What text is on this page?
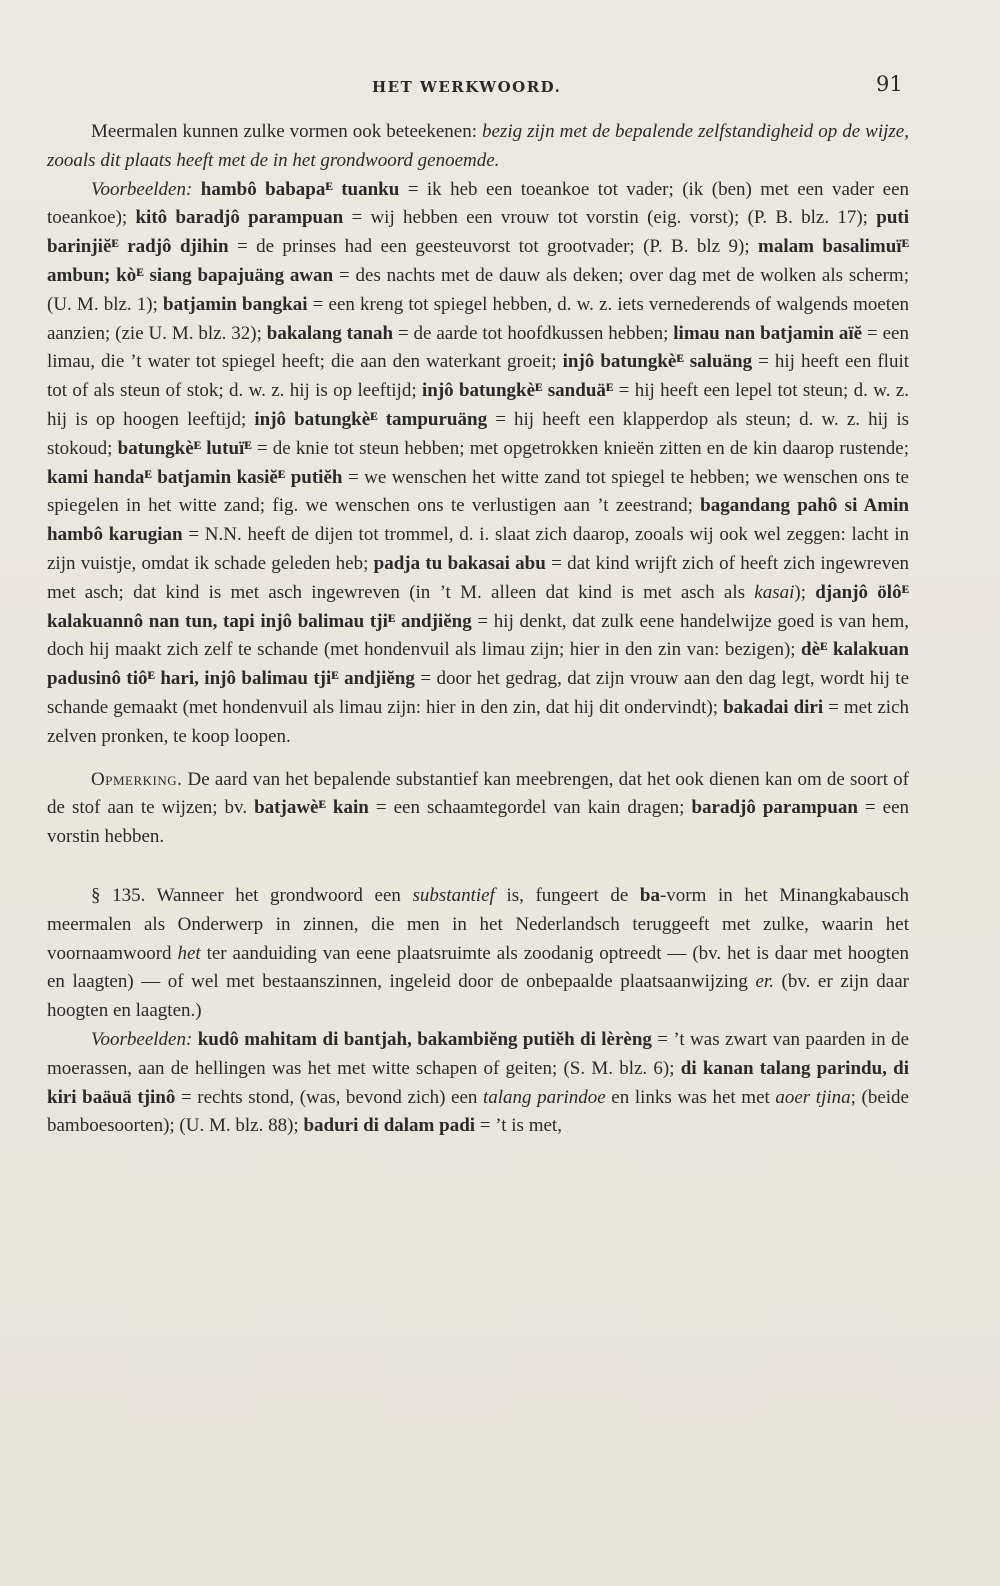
HET WERKWOORD.	91

Meermalen kunnen zulke vormen ook beteekenen: bezig zijn met de bepalende zelfstandigheid op de wijze, zooals dit plaats heeft met de in het grondwoord genoemde.

Voorbeelden: hambô babapaᴱ tuanku = ik heb een toeankoe tot vader; (ik (ben) met een vader een toeankoe); kitô baradjô parampuan = wij hebben een vrouw tot vorstin (eig. vorst); (P. B. blz. 17); puti barinjiĕᴱ radjô djihin = de prinses had een geesteuvorst tot grootvader; (P. B. blz 9); malam basalimuïᴱ ambun; kòᴱ siang bapajuäng awan = des nachts met de dauw als deken; over dag met de wolken als scherm; (U. M. blz. 1); batjamin bangkai = een kreng tot spiegel hebben, d. w. z. iets vernederends of walgends moeten aanzien; (zie U. M. blz. 32); bakalang tanah = de aarde tot hoofdkussen hebben; limau nan batjamin aïĕ = een limau, die ’t water tot spiegel heeft; die aan den waterkant groeit; injô batungkèᴱ saluäng = hij heeft een fluit tot of als steun of stok; d. w. z. hij is op leeftijd; injô batungkèᴱ sanduäᴱ = hij heeft een lepel tot steun; d. w. z. hij is op hoogen leeftijd; injô batungkèᴱ tampuruäng = hij heeft een klapperdop als steun; d. w. z. hij is stokoud; batungkèᴱ lutuïᴱ = de knie tot steun hebben; met opgetrokken knieën zitten en de kin daarop rustende; kami handaᴱ batjamin kasiĕᴱ putiĕh = we wenschen het witte zand tot spiegel te hebben; we wenschen ons te spiegelen in het witte zand; fig. we wenschen ons te verlustigen aan ’t zeestrand; bagandang pahô si Amin hambô karugian = N.N. heeft de dijen tot trommel, d. i. slaat zich daarop, zooals wij ook wel zeggen: lacht in zijn vuistje, omdat ik schade geleden heb; padja tu bakasai abu = dat kind wrijft zich of heeft zich ingewreven met asch; dat kind is met asch ingewreven (in ’t M. alleen dat kind is met asch als kasai); djanjô ölôᴱ kalakuannô nan tun, tapi injô balimau tjiᴱ andjiĕng = hij denkt, dat zulk eene handelwijze goed is van hem, doch hij maakt zich zelf te schande (met hondenvuil als limau zijn; hier in den zin van: bezigen); dèᴱ kalakuan padusinô tiôᴱ hari, injô balimau tjiᴱ andjiĕng = door het gedrag, dat zijn vrouw aan den dag legt, wordt hij te schande gemaakt (met hondenvuil als limau zijn: hier in den zin, dat hij dit ondervindt); bakadai diri = met zich zelven pronken, te koop loopen.

Opmerking. De aard van het bepalende substantief kan meebrengen, dat het ook dienen kan om de soort of de stof aan te wijzen; bv. batjawèᴱ kain = een schaamtegordel van kain dragen; baradjô parampuan = een vorstin hebben.

§ 135. Wanneer het grondwoord een substantief is, fungeert de ba-vorm in het Minangkabausch meermalen als Onderwerp in zinnen, die men in het Nederlandsch teruggeeft met zulke, waarin het voornaamwoord het ter aanduiding van eene plaatsruimte als zoodanig optreedt — (bv. het is daar met hoogten en laagten) — of wel met bestaanszinnen, ingeleid door de onbepaalde plaatsaanwijzing er. (bv. er zijn daar hoogten en laagten.)

Voorbeelden: kudô mahitam di bantjah, bakambiĕng putiĕh di lèrèng = ’t was zwart van paarden in de moerassen, aan de hellingen was het met witte schapen of geiten; (S. M. blz. 6); di kanan talang parindu, di kiri baäuä tjinô = rechts stond, (was, bevond zich) een talang parindoe en links was het met aoer tjina; (beide bamboesoorten); (U. M. blz. 88); baduri di dalam padi = ’t is met,
